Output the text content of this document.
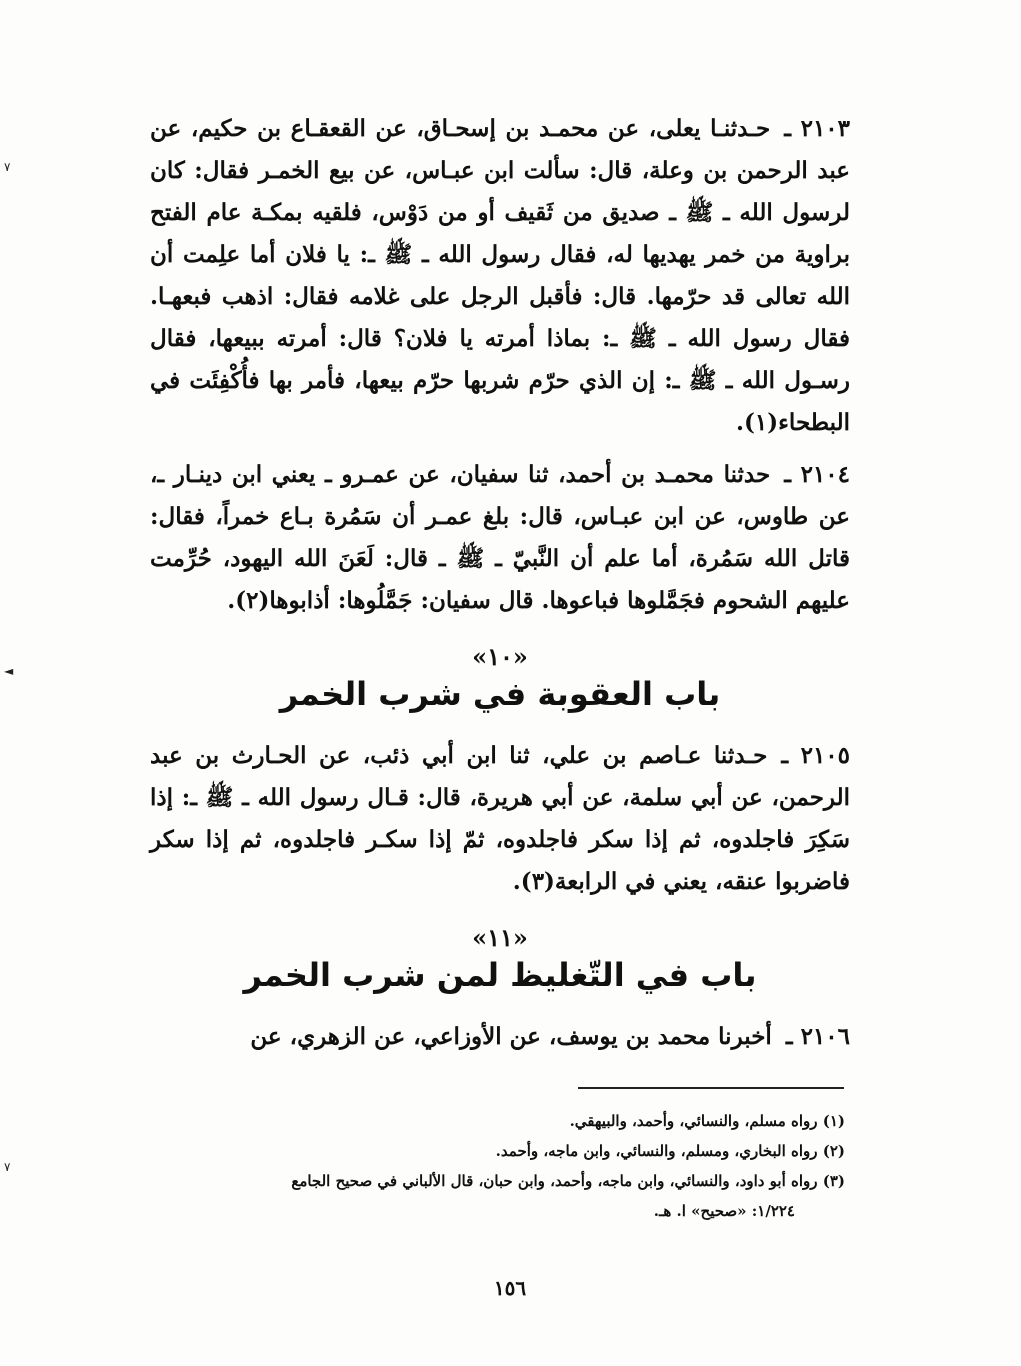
٢١٠٣ ـحـدثنـا يعلى، عن محمـد بن إسحـاق، عن القعقـاع بن حكيم، عن عبد الرحمن بن وعلة، قال: سألت ابن عبـاس، عن بيع الخمـر فقال: كان لرسول الله ـ ﷺ ـ صديق من ثَقيف أو من دَوْس، فلقيه بمكـة عام الفتح براوية من خمر يهديها له، فقال رسول الله ـ ﷺ ـ: يا فلان أما علِمت أن الله تعالى قد حرّمها. قال: فأقبل الرجل على غلامه فقال: اذهب فبعهـا. فقال رسول الله ـ ﷺ ـ: بماذا أمرته يا فلان؟ قال: أمرته ببيعها، فقال رسـول الله ـ ﷺ ـ: إن الذي حرّم شربها حرّم بيعها، فأمر بها فأُكْفِئَت في البطحاء(١).

٢١٠٤ ـحدثنا محمـد بن أحمد، ثنا سفيان، عن عمـرو ـ يعني ابن دينـار ـ، عن طاوس، عن ابن عبـاس، قال: بلغ عمـر أن سَمُرة بـاع خمراً، فقال: قاتل الله سَمُرة، أما علم أن النَّبيّ ـ ﷺ ـ قال: لَعَنَ الله اليهود، حُرِّمت عليهم الشحوم فجَمَّلوها فباعوها. قال سفيان: جَمَّلُوها: أذابوها(٢).

«١٠»
باب العقوبة في شرب الخمر

٢١٠٥ ـحـدثنا عـاصم بن علي، ثنا ابن أبي ذئب، عن الحـارث بن عبد الرحمن، عن أبي سلمة، عن أبي هريرة، قال: قـال رسول الله ـ ﷺ ـ: إذا سَكِرَ فاجلدوه، ثم إذا سكر فاجلدوه، ثمّ إذا سكـر فاجلدوه، ثم إذا سكر فاضربوا عنقه، يعني في الرابعة(٣).

«١١»
باب في التّغليظ لمن شرب الخمر

٢١٠٦ ـأخبرنا محمد بن يوسف، عن الأوزاعي، عن الزهري، عن

(١) رواه مسلم، والنسائي، وأحمد، والبيهقي.
(٢) رواه البخاري، ومسلم، والنسائي، وابن ماجه، وأحمد.
(٣) رواه أبو داود، والنسائي، وابن ماجه، وأحمد، وابن حبان، قال الألباني في صحيح الجامع
١/٢٢٤: «صحيح» ا. هـ.
١٥٦
٧
◄
٧
